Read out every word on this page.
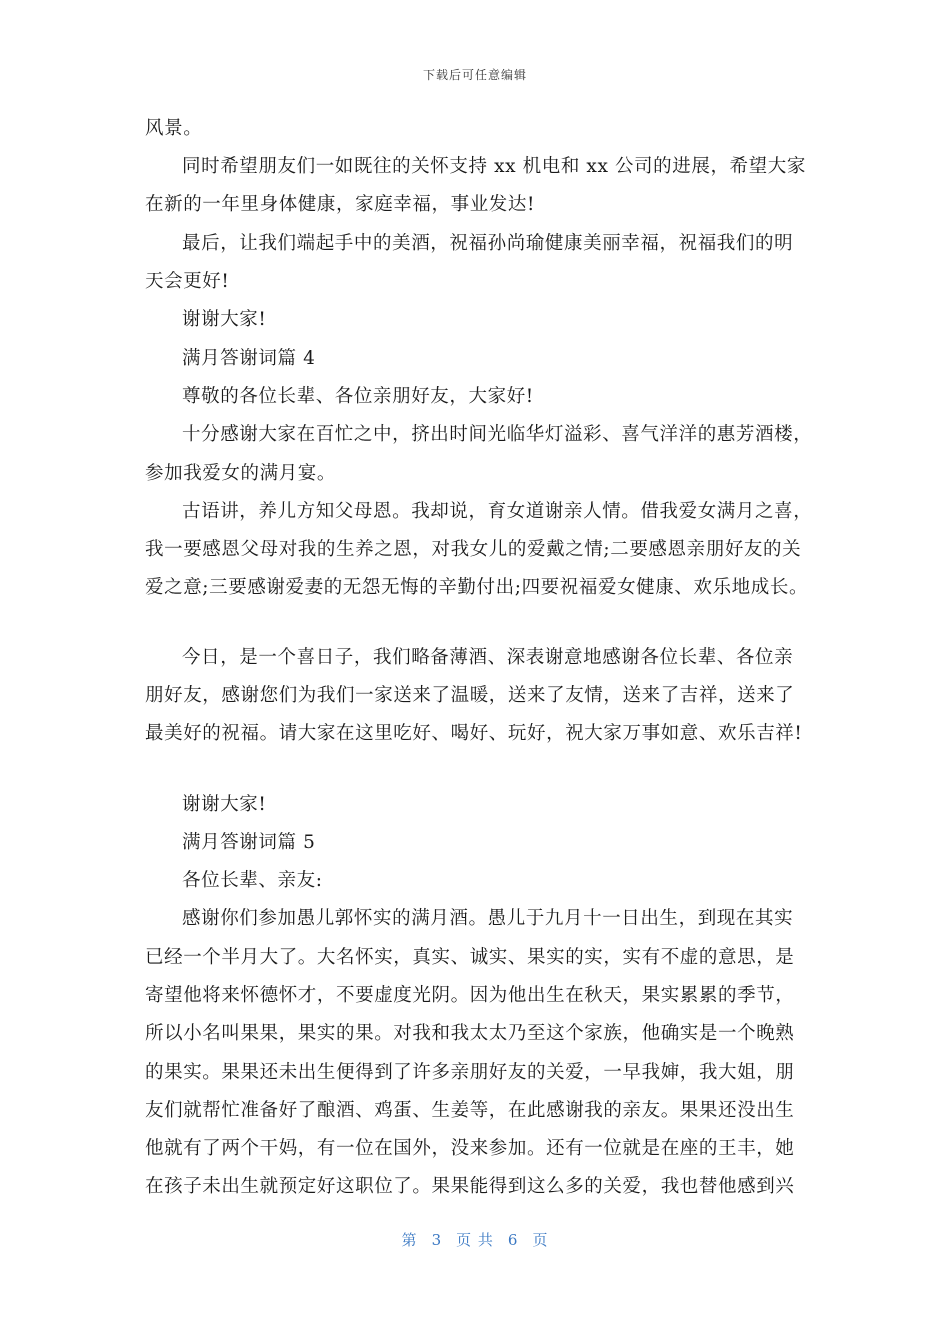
下载后可任意编辑
风景。
同时希望朋友们一如既往的关怀支持 xx 机电和 xx 公司的进展，希望大家
在新的一年里身体健康，家庭幸福，事业发达!
最后，让我们端起手中的美酒，祝福孙尚瑜健康美丽幸福，祝福我们的明
天会更好!
谢谢大家!
满月答谢词篇 4
尊敬的各位长辈、各位亲朋好友，大家好!
十分感谢大家在百忙之中，挤出时间光临华灯溢彩、喜气洋洋的惠芳酒楼，
参加我爱女的满月宴。
古语讲，养儿方知父母恩。我却说，育女道谢亲人情。借我爱女满月之喜，
我一要感恩父母对我的生养之恩，对我女儿的爱戴之情;二要感恩亲朋好友的关
爱之意;三要感谢爱妻的无怨无悔的辛勤付出;四要祝福爱女健康、欢乐地成长。
今日，是一个喜日子，我们略备薄酒、深表谢意地感谢各位长辈、各位亲
朋好友，感谢您们为我们一家送来了温暖，送来了友情，送来了吉祥，送来了
最美好的祝福。请大家在这里吃好、喝好、玩好，祝大家万事如意、欢乐吉祥!
谢谢大家!
满月答谢词篇 5
各位长辈、亲友:
感谢你们参加愚儿郭怀实的满月酒。愚儿于九月十一日出生，到现在其实
已经一个半月大了。大名怀实，真实、诚实、果实的实，实有不虚的意思，是
寄望他将来怀德怀才，不要虚度光阴。因为他出生在秋天，果实累累的季节，
所以小名叫果果，果实的果。对我和我太太乃至这个家族，他确实是一个晚熟
的果实。果果还未出生便得到了许多亲朋好友的关爱，一早我婶，我大姐，朋
友们就帮忙准备好了酿酒、鸡蛋、生姜等，在此感谢我的亲友。果果还没出生
他就有了两个干妈，有一位在国外，没来参加。还有一位就是在座的王丰，她
在孩子未出生就预定好这职位了。果果能得到这么多的关爱，我也替他感到兴
第 3 页 共 6 页
